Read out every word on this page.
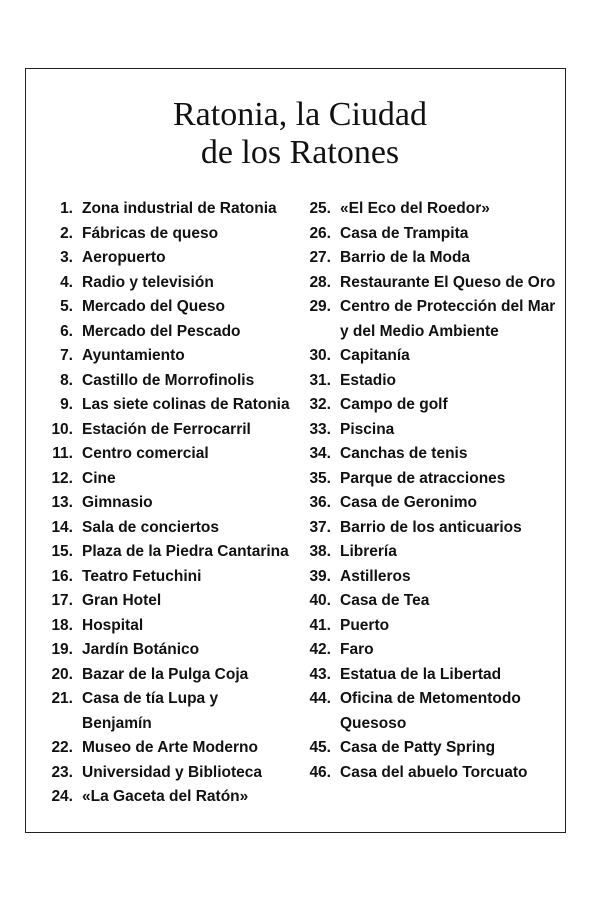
Ratonia, la Ciudad
de los Ratones
1. Zona industrial de Ratonia
2. Fábricas de queso
3. Aeropuerto
4. Radio y televisión
5. Mercado del Queso
6. Mercado del Pescado
7. Ayuntamiento
8. Castillo de Morrofinolis
9. Las siete colinas de Ratonia
10. Estación de Ferrocarril
11. Centro comercial
12. Cine
13. Gimnasio
14. Sala de conciertos
15. Plaza de la Piedra Cantarina
16. Teatro Fetuchini
17. Gran Hotel
18. Hospital
19. Jardín Botánico
20. Bazar de la Pulga Coja
21. Casa de tía Lupa y Benjamín
22. Museo de Arte Moderno
23. Universidad y Biblioteca
24. «La Gaceta del Ratón»
25. «El Eco del Roedor»
26. Casa de Trampita
27. Barrio de la Moda
28. Restaurante El Queso de Oro
29. Centro de Protección del Mar y del Medio Ambiente
30. Capitanía
31. Estadio
32. Campo de golf
33. Piscina
34. Canchas de tenis
35. Parque de atracciones
36. Casa de Geronimo
37. Barrio de los anticuarios
38. Librería
39. Astilleros
40. Casa de Tea
41. Puerto
42. Faro
43. Estatua de la Libertad
44. Oficina de Metomentodo Quesoso
45. Casa de Patty Spring
46. Casa del abuelo Torcuato
